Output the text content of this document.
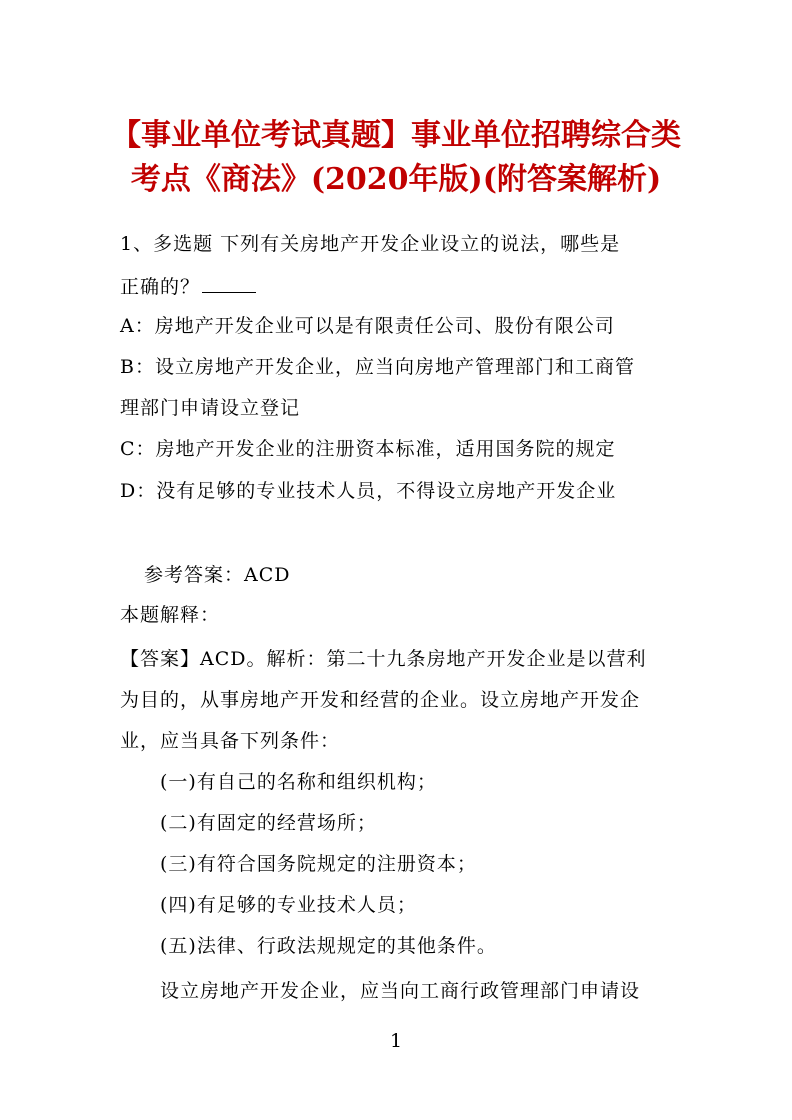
【事业单位考试真题】事业单位招聘综合类
考点《商法》(2020年版)(附答案解析)
1、多选题 下列有关房地产开发企业设立的说法，哪些是
正确的？
A：房地产开发企业可以是有限责任公司、股份有限公司
B：设立房地产开发企业，应当向房地产管理部门和工商管
理部门申请设立登记
C：房地产开发企业的注册资本标准，适用国务院的规定
D：没有足够的专业技术人员，不得设立房地产开发企业
参考答案：ACD
本题解释：
【答案】ACD。解析：第二十九条房地产开发企业是以营利
为目的，从事房地产开发和经营的企业。设立房地产开发企
业，应当具备下列条件：
(一)有自己的名称和组织机构；
(二)有固定的经营场所；
(三)有符合国务院规定的注册资本；
(四)有足够的专业技术人员；
(五)法律、行政法规规定的其他条件。
设立房地产开发企业，应当向工商行政管理部门申请设
1
